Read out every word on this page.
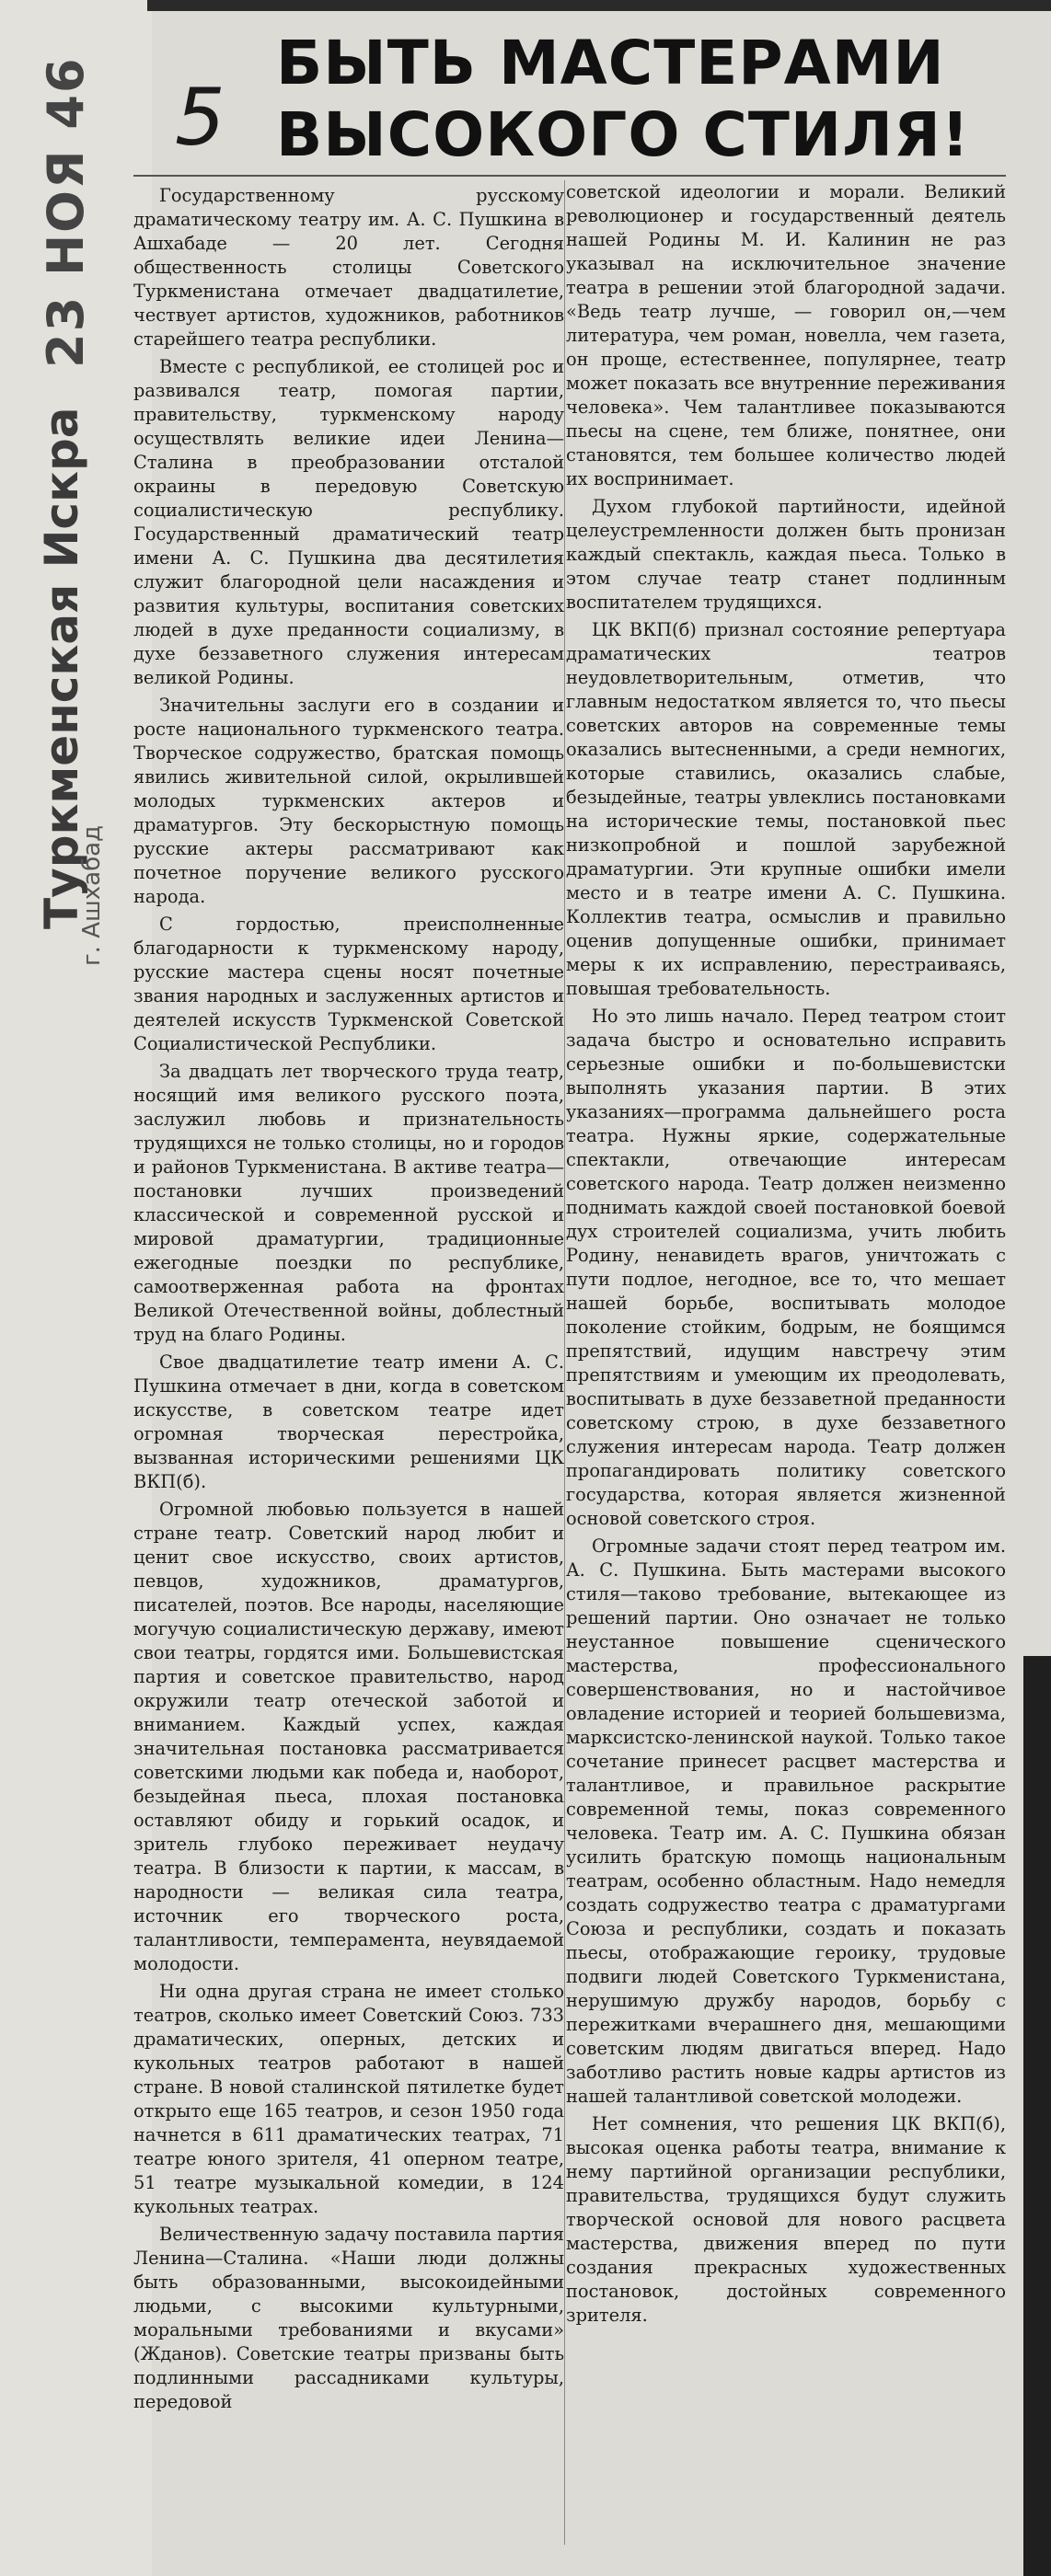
23 НОЯ 46
Туркменская Искра
г. Ашхабад
5
БЫТЬ МАСТЕРАМИ
ВЫСОКОГО СТИЛЯ!

Государственному русскому драматическому театру им. А. С. Пушкина в Ашхабаде — 20 лет. Сегодня общественность столицы Советского Туркменистана отмечает двадцатилетие, чествует артистов, художников, работников старейшего театра республики.

Вместе с республикой, ее столицей рос и развивался театр, помогая партии, правительству, туркменскому народу осуществлять великие идеи Ленина—Сталина в преобразовании отсталой окраины в передовую Советскую социалистическую республику. Государственный драматический театр имени А. С. Пушкина два десятилетия служит благородной цели насаждения и развития культуры, воспитания советских людей в духе преданности социализму, в духе беззаветного служения интересам великой Родины.

Значительны заслуги его в создании и росте национального туркменского театра. Творческое содружество, братская помощь явились живительной силой, окрылившей молодых туркменских актеров и драматургов. Эту бескорыстную помощь русские актеры рассматривают как почетное поручение великого русского народа.

С гордостью, преисполненные благодарности к туркменскому народу, русские мастера сцены носят почетные звания народных и заслуженных артистов и деятелей искусств Туркменской Советской Социалистической Республики.

За двадцать лет творческого труда театр, носящий имя великого русского поэта, заслужил любовь и признательность трудящихся не только столицы, но и городов и районов Туркменистана. В активе театра—постановки лучших произведений классической и современной русской и мировой драматургии, традиционные ежегодные поездки по республике, самоотверженная работа на фронтах Великой Отечественной войны, доблестный труд на благо Родины.

Свое двадцатилетие театр имени А. С. Пушкина отмечает в дни, когда в советском искусстве, в советском театре идет огромная творческая перестройка, вызванная историческими решениями ЦК ВКП(б).

Огромной любовью пользуется в нашей стране театр. Советский народ любит и ценит свое искусство, своих артистов, певцов, художников, драматургов, писателей, поэтов. Все народы, населяющие могучую социалистическую державу, имеют свои театры, гордятся ими. Большевистская партия и советское правительство, народ окружили театр отеческой заботой и вниманием. Каждый успех, каждая значительная постановка рассматривается советскими людьми как победа и, наоборот, безыдейная пьеса, плохая постановка оставляют обиду и горький осадок, и зритель глубоко переживает неудачу театра. В близости к партии, к массам, в народности — великая сила театра, источник его творческого роста, талантливости, темперамента, неувядаемой молодости.

Ни одна другая страна не имеет столько театров, сколько имеет Советский Союз. 733 драматических, оперных, детских и кукольных театров работают в нашей стране. В новой сталинской пятилетке будет открыто еще 165 театров, и сезон 1950 года начнется в 611 драматических театрах, 71 театре юного зрителя, 41 оперном театре, 51 театре музыкальной комедии, в 124 кукольных театрах.

Величественную задачу поставила партия Ленина—Сталина. «Наши люди должны быть образованными, высокоидейными людьми, с высокими культурными, моральными требованиями и вкусами» (Жданов). Советские театры призваны быть подлинными рассадниками культуры, передовой

советской идеологии и морали. Великий революционер и государственный деятель нашей Родины М. И. Калинин не раз указывал на исключительное значение театра в решении этой благородной задачи. «Ведь театр лучше, — говорил он,—чем литература, чем роман, новелла, чем газета, он проще, естественнее, популярнее, театр может показать все внутренние переживания человека». Чем талантливее показываются пьесы на сцене, тем ближе, понятнее, они становятся, тем большее количество людей их воспринимает.

Духом глубокой партийности, идейной целеустремленности должен быть пронизан каждый спектакль, каждая пьеса. Только в этом случае театр станет подлинным воспитателем трудящихся.

ЦК ВКП(б) признал состояние репертуара драматических театров неудовлетворительным, отметив, что главным недостатком является то, что пьесы советских авторов на современные темы оказались вытесненными, а среди немногих, которые ставились, оказались слабые, безыдейные, театры увлеклись постановками на исторические темы, постановкой пьес низкопробной и пошлой зарубежной драматургии. Эти крупные ошибки имели место и в театре имени А. С. Пушкина. Коллектив театра, осмыслив и правильно оценив допущенные ошибки, принимает меры к их исправлению, перестраиваясь, повышая требовательность.

Но это лишь начало. Перед театром стоит задача быстро и основательно исправить серьезные ошибки и по-большевистски выполнять указания партии. В этих указаниях—программа дальнейшего роста театра. Нужны яркие, содержательные спектакли, отвечающие интересам советского народа. Театр должен неизменно поднимать каждой своей постановкой боевой дух строителей социализма, учить любить Родину, ненавидеть врагов, уничтожать с пути подлое, негодное, все то, что мешает нашей борьбе, воспитывать молодое поколение стойким, бодрым, не боящимся препятствий, идущим навстречу этим препятствиям и умеющим их преодолевать, воспитывать в духе беззаветной преданности советскому строю, в духе беззаветного служения интересам народа. Театр должен пропагандировать политику советского государства, которая является жизненной основой советского строя.

Огромные задачи стоят перед театром им. А. С. Пушкина. Быть мастерами высокого стиля—таково требование, вытекающее из решений партии. Оно означает не только неустанное повышение сценического мастерства, профессионального совершенствования, но и настойчивое овладение историей и теорией большевизма, марксистско-ленинской наукой. Только такое сочетание принесет расцвет мастерства и талантливое, и правильное раскрытие современной темы, показ современного человека. Театр им. А. С. Пушкина обязан усилить братскую помощь национальным театрам, особенно областным. Надо немедля создать содружество театра с драматургами Союза и республики, создать и показать пьесы, отображающие героику, трудовые подвиги людей Советского Туркменистана, нерушимую дружбу народов, борьбу с пережитками вчерашнего дня, мешающими советским людям двигаться вперед. Надо заботливо растить новые кадры артистов из нашей талантливой советской молодежи.

Нет сомнения, что решения ЦК ВКП(б), высокая оценка работы театра, внимание к нему партийной организации республики, правительства, трудящихся будут служить творческой основой для нового расцвета мастерства, движения вперед по пути создания прекрасных художественных постановок, достойных современного зрителя.
